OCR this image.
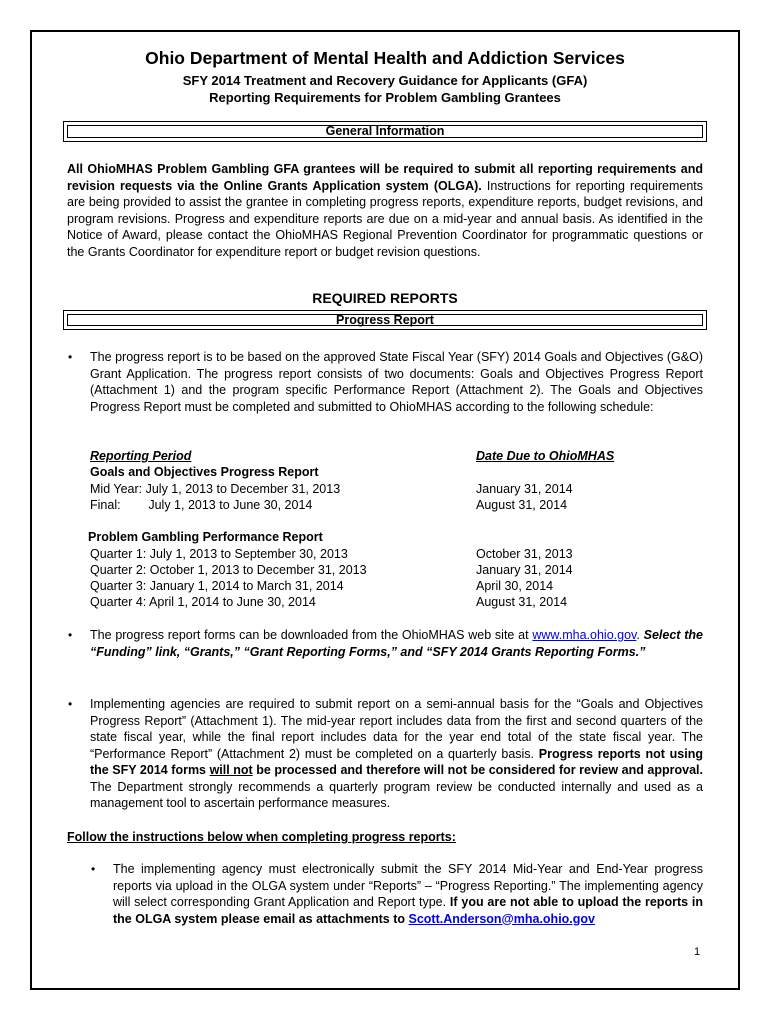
Ohio Department of Mental Health and Addiction Services
SFY 2014 Treatment and Recovery Guidance for Applicants (GFA)
Reporting Requirements for Problem Gambling Grantees
General Information
All OhioMHAS Problem Gambling GFA grantees will be required to submit all reporting requirements and revision requests via the Online Grants Application system (OLGA). Instructions for reporting requirements are being provided to assist the grantee in completing progress reports, expenditure reports, budget revisions, and program revisions. Progress and expenditure reports are due on a mid-year and annual basis. As identified in the Notice of Award, please contact the OhioMHAS Regional Prevention Coordinator for programmatic questions or the Grants Coordinator for expenditure report or budget revision questions.
REQUIRED REPORTS
Progress Report
• The progress report is to be based on the approved State Fiscal Year (SFY) 2014 Goals and Objectives (G&O) Grant Application. The progress report consists of two documents: Goals and Objectives Progress Report (Attachment 1) and the program specific Performance Report (Attachment 2). The Goals and Objectives Progress Report must be completed and submitted to OhioMHAS according to the following schedule:
Reporting Period	Date Due to OhioMHAS
Goals and Objectives Progress Report
Mid Year: July 1, 2013 to December 31, 2013	January 31, 2014
Final:        July 1, 2013 to June 30, 2014	August 31, 2014
Problem Gambling Performance Report
Quarter 1: July 1, 2013 to September 30, 2013	October 31, 2013
Quarter 2: October 1, 2013 to December 31, 2013	January 31, 2014
Quarter 3: January 1, 2014 to March 31, 2014	April 30, 2014
Quarter 4: April 1, 2014 to June 30, 2014	August 31, 2014
• The progress report forms can be downloaded from the OhioMHAS web site at www.mha.ohio.gov. Select the “Funding” link, “Grants,” “Grant Reporting Forms,” and “SFY 2014 Grants Reporting Forms.”
• Implementing agencies are required to submit report on a semi-annual basis for the “Goals and Objectives Progress Report” (Attachment 1). The mid-year report includes data from the first and second quarters of the state fiscal year, while the final report includes data for the year end total of the state fiscal year. The “Performance Report” (Attachment 2) must be completed on a quarterly basis. Progress reports not using the SFY 2014 forms will not be processed and therefore will not be considered for review and approval. The Department strongly recommends a quarterly program review be conducted internally and used as a management tool to ascertain performance measures.
Follow the instructions below when completing progress reports:
• The implementing agency must electronically submit the SFY 2014 Mid-Year and End-Year progress reports via upload in the OLGA system under “Reports” – “Progress Reporting.” The implementing agency will select corresponding Grant Application and Report type. If you are not able to upload the reports in the OLGA system please email as attachments to Scott.Anderson@mha.ohio.gov
1
